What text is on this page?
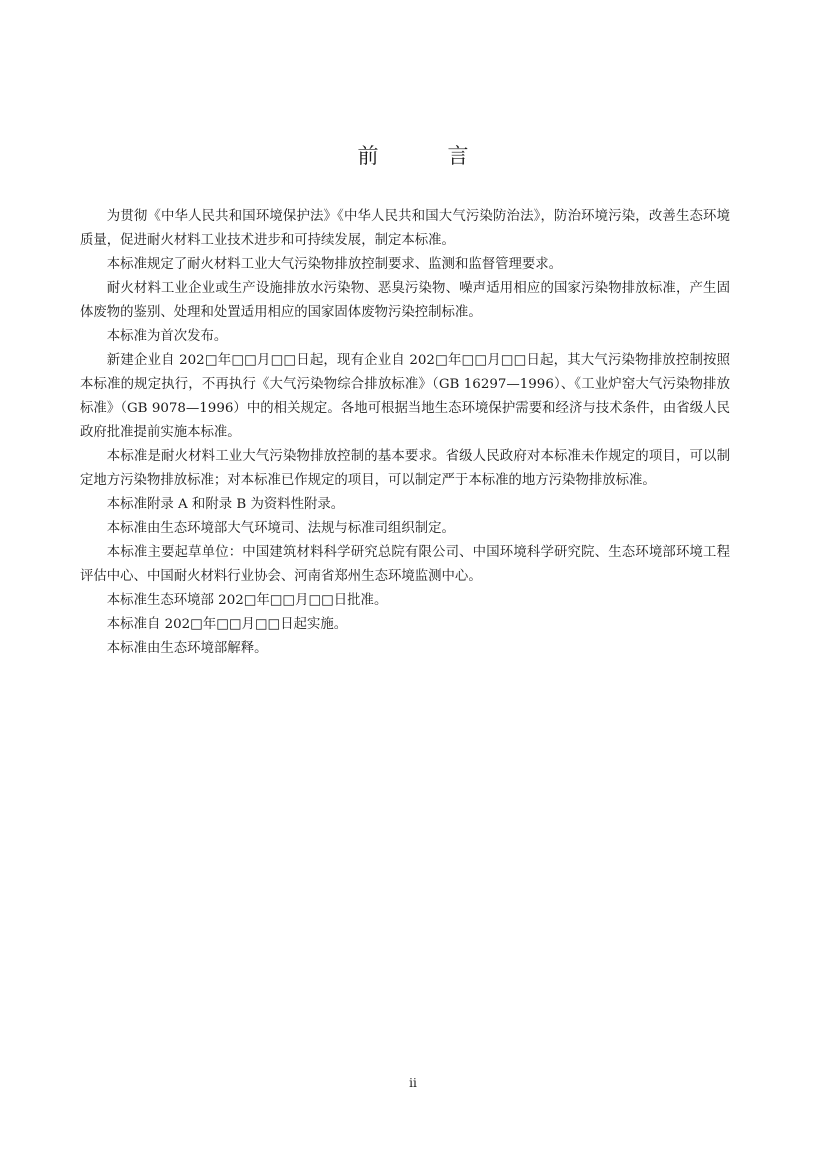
前　言

为贯彻《中华人民共和国环境保护法》《中华人民共和国大气污染防治法》，防治环境污染，改善生态环境质量，促进耐火材料工业技术进步和可持续发展，制定本标准。

本标准规定了耐火材料工业大气污染物排放控制要求、监测和监督管理要求。

耐火材料工业企业或生产设施排放水污染物、恶臭污染物、噪声适用相应的国家污染物排放标准，产生固体废物的鉴别、处理和处置适用相应的国家固体废物污染控制标准。

本标准为首次发布。

新建企业自 202□年□□月□□日起，现有企业自 202□年□□月□□日起，其大气污染物排放控制按照本标准的规定执行，不再执行《大气污染物综合排放标准》（GB 16297—1996）、《工业炉窑大气污染物排放标准》（GB 9078—1996）中的相关规定。各地可根据当地生态环境保护需要和经济与技术条件，由省级人民政府批准提前实施本标准。

本标准是耐火材料工业大气污染物排放控制的基本要求。省级人民政府对本标准未作规定的项目，可以制定地方污染物排放标准；对本标准已作规定的项目，可以制定严于本标准的地方污染物排放标准。

本标准附录 A 和附录 B 为资料性附录。

本标准由生态环境部大气环境司、法规与标准司组织制定。

本标准主要起草单位：中国建筑材料科学研究总院有限公司、中国环境科学研究院、生态环境部环境工程评估中心、中国耐火材料行业协会、河南省郑州生态环境监测中心。

本标准生态环境部 202□年□□月□□日批准。

本标准自 202□年□□月□□日起实施。

本标准由生态环境部解释。

ii
